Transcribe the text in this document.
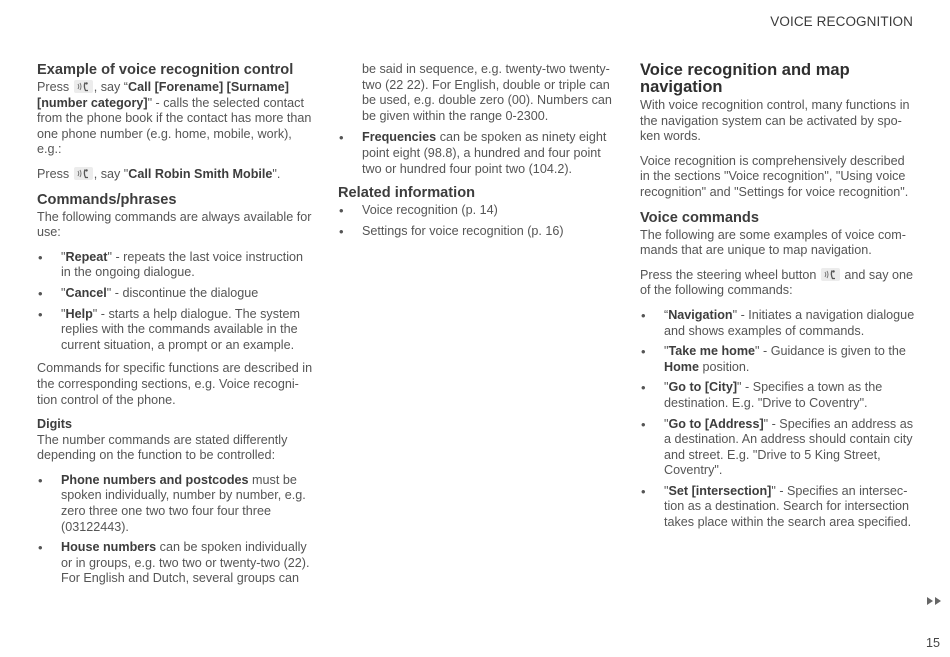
VOICE RECOGNITION
Example of voice recognition control

Press , say “Call [Forename] [Surname] [number category]" - calls the selected contact from the phone book if the contact has more than one phone number (e.g. home, mobile, work), e.g.:

Press , say "Call Robin Smith Mobile".

Commands/phrases

The following commands are always available for use:

• "Repeat" - repeats the last voice instruction in the ongoing dialogue.
• "Cancel" - discontinue the dialogue
• "Help" - starts a help dialogue. The system replies with the commands available in the current situation, a prompt or an example.

Commands for specific functions are described in the corresponding sections, e.g. Voice recogni-tion control of the phone.

Digits

The number commands are stated differently depending on the function to be controlled:

• Phone numbers and postcodes must be spoken individually, number by number, e.g. zero three one two two four four three (03122443).
• House numbers can be spoken individually or in groups, e.g. two two or twenty-two (22). For English and Dutch, several groups can

be said in sequence, e.g. twenty-two twenty-two (22 22). For English, double or triple can be used, e.g. double zero (00). Numbers can be given within the range 0-2300.

• Frequencies can be spoken as ninety eight point eight (98.8), a hundred and four point two or hundred four point two (104.2).
Related information
• Voice recognition (p. 14)
• Settings for voice recognition (p. 16)
Voice recognition and map navigation

With voice recognition control, many functions in the navigation system can be activated by spo-ken words.

Voice recognition is comprehensively described in the sections "Voice recognition", "Using voice recognition" and "Settings for voice recognition".

Voice commands

The following are some examples of voice com-mands that are unique to map navigation.

Press the steering wheel button
and say one of the following commands:

• “Navigation" - Initiates a navigation dialogue and shows examples of commands.
• "Take me home" - Guidance is given to the Home position.
• "Go to [City]" - Specifies a town as the destination. E.g. "Drive to Coventry".
• "Go to [Address]" - Specifies an address as a destination. An address should contain city and street. E.g. "Drive to 5 King Street, Coventry".
• "Set [intersection]" - Specifies an intersec-tion as a destination. Search for intersection takes place within the search area specified.
15
